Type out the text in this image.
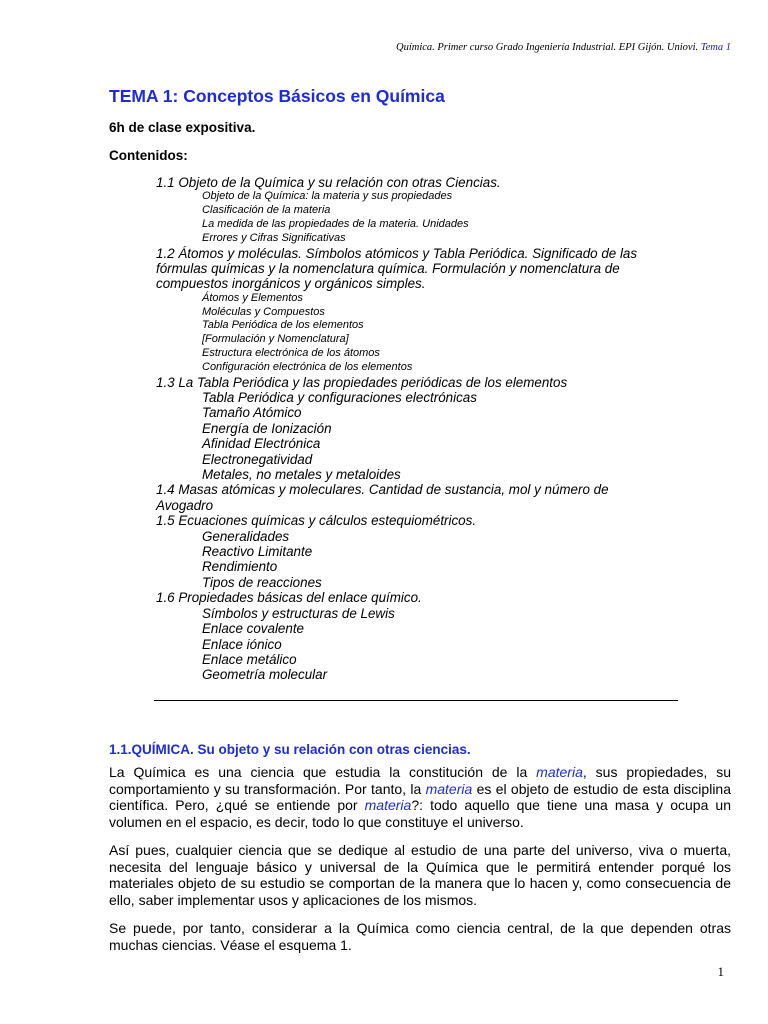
Química. Primer curso Grado Ingeniería Industrial. EPI Gijón. Uniovi. Tema 1
TEMA 1: Conceptos Básicos en Química
6h de clase expositiva.
Contenidos:
1.1 Objeto de la Química y su relación con otras Ciencias.
Objeto de la Química: la materia y sus propiedades
Clasificación de la materia
La medida de las propiedades de la materia. Unidades
Errores y Cifras Significativas
1.2 Átomos y moléculas. Símbolos atómicos y Tabla Periódica. Significado de las fórmulas químicas y la nomenclatura química. Formulación y nomenclatura de compuestos inorgánicos y orgánicos simples.
Átomos y Elementos
Moléculas y Compuestos
Tabla Periódica de los elementos
[Formulación y Nomenclatura]
Estructura electrónica de los átomos
Configuración electrónica de los elementos
1.3 La Tabla Periódica y las propiedades periódicas de los elementos
Tabla Periódica y configuraciones electrónicas
Tamaño Atómico
Energía de Ionización
Afinidad Electrónica
Electronegatividad
Metales, no metales y metaloides
1.4 Masas atómicas y moleculares. Cantidad de sustancia, mol y número de Avogadro
1.5 Ecuaciones químicas y cálculos estequiométricos.
Generalidades
Reactivo Limitante
Rendimiento
Tipos de reacciones
1.6 Propiedades básicas del enlace químico.
Símbolos y estructuras de Lewis
Enlace covalente
Enlace iónico
Enlace metálico
Geometría molecular
1.1.QUÍMICA. Su objeto y su relación con otras ciencias.

La Química es una ciencia que estudia la constitución de la materia, sus propiedades, su comportamiento y su transformación. Por tanto, la materia es el objeto de estudio de esta disciplina científica. Pero, ¿qué se entiende por materia?: todo aquello que tiene una masa y ocupa un volumen en el espacio, es decir, todo lo que constituye el universo.

Así pues, cualquier ciencia que se dedique al estudio de una parte del universo, viva o muerta, necesita del lenguaje básico y universal de la Química que le permitirá entender porqué los materiales objeto de su estudio se comportan de la manera que lo hacen y, como consecuencia de ello, saber implementar usos y aplicaciones de los mismos.

Se puede, por tanto, considerar a la Química como ciencia central, de la que dependen otras muchas ciencias. Véase el esquema 1.

1
